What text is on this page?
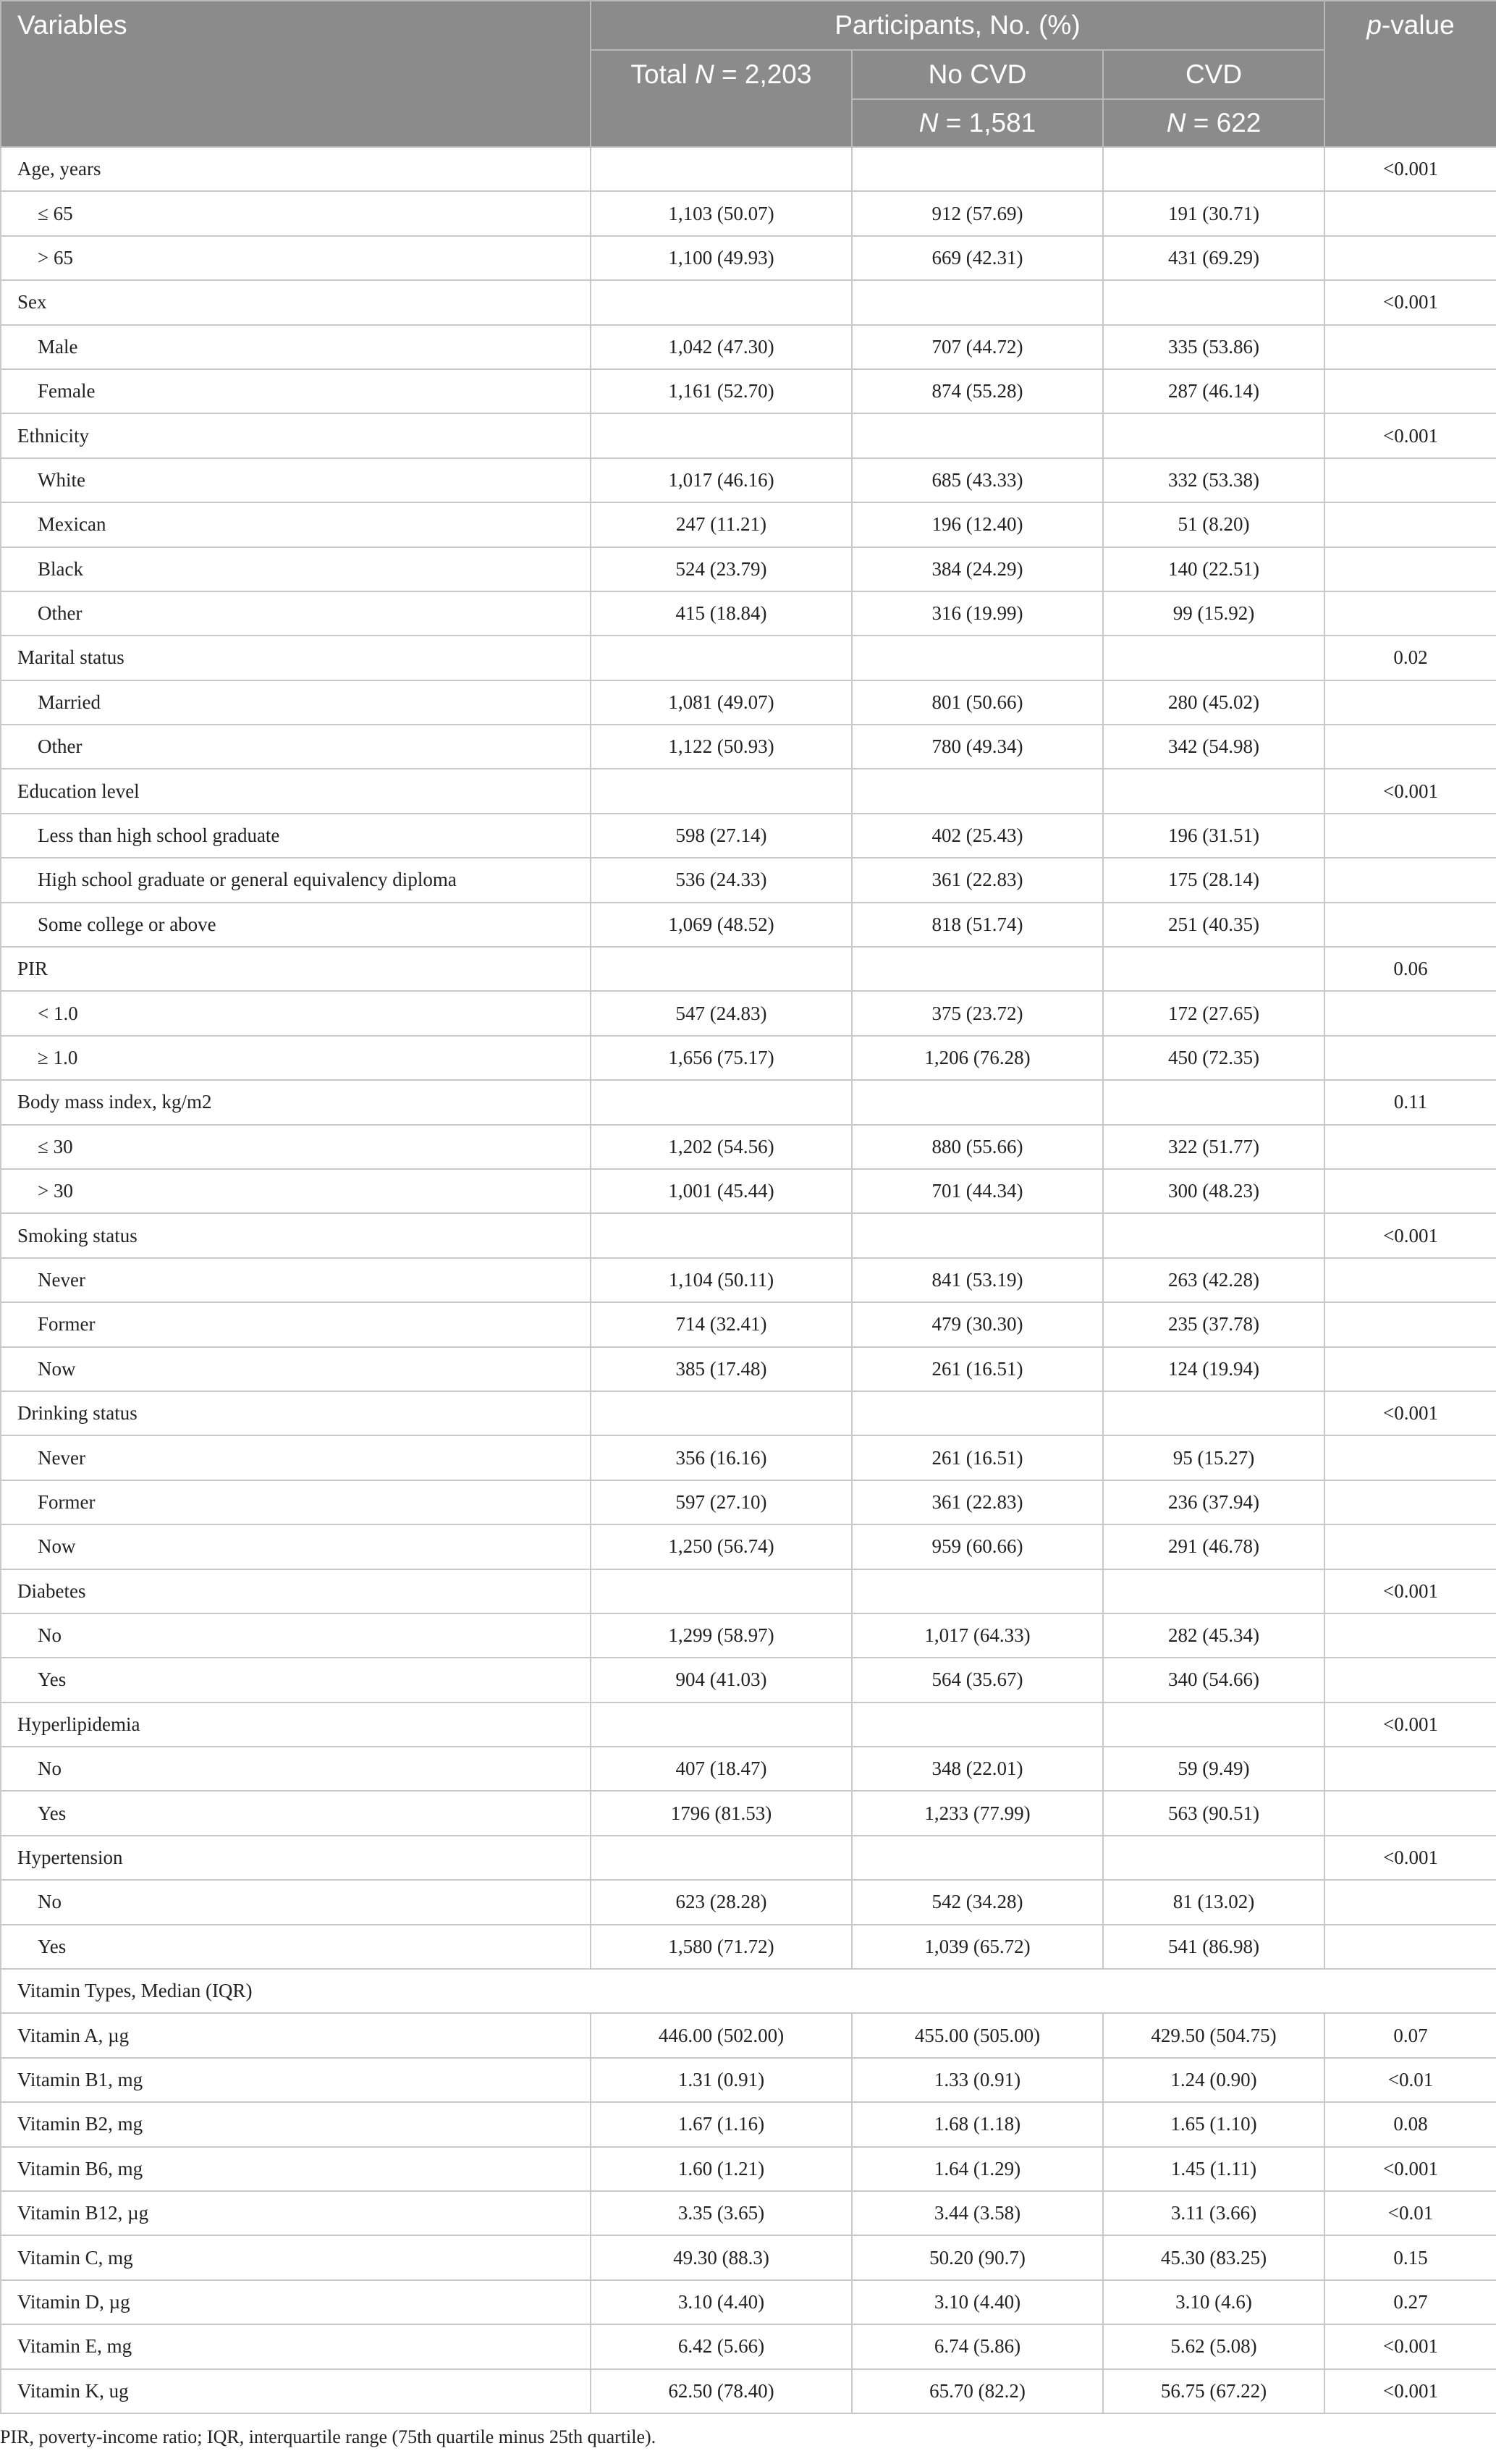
Variables	Participants, No. (%)			p-value
	Total N = 2,203	No CVD	CVD	
		N = 1,581	N = 622	
Age, years				<0.001
≤ 65	1,103 (50.07)	912 (57.69)	191 (30.71)	
> 65	1,100 (49.93)	669 (42.31)	431 (69.29)	
Sex				<0.001
Male	1,042 (47.30)	707 (44.72)	335 (53.86)	
Female	1,161 (52.70)	874 (55.28)	287 (46.14)	
Ethnicity				<0.001
White	1,017 (46.16)	685 (43.33)	332 (53.38)	
Mexican	247 (11.21)	196 (12.40)	51 (8.20)	
Black	524 (23.79)	384 (24.29)	140 (22.51)	
Other	415 (18.84)	316 (19.99)	99 (15.92)	
Marital status				0.02
Married	1,081 (49.07)	801 (50.66)	280 (45.02)	
Other	1,122 (50.93)	780 (49.34)	342 (54.98)	
Education level				<0.001
Less than high school graduate	598 (27.14)	402 (25.43)	196 (31.51)	
High school graduate or general equivalency diploma	536 (24.33)	361 (22.83)	175 (28.14)	
Some college or above	1,069 (48.52)	818 (51.74)	251 (40.35)	
PIR				0.06
< 1.0	547 (24.83)	375 (23.72)	172 (27.65)	
≥ 1.0	1,656 (75.17)	1,206 (76.28)	450 (72.35)	
Body mass index, kg/m2				0.11
≤ 30	1,202 (54.56)	880 (55.66)	322 (51.77)	
> 30	1,001 (45.44)	701 (44.34)	300 (48.23)	
Smoking status				<0.001
Never	1,104 (50.11)	841 (53.19)	263 (42.28)	
Former	714 (32.41)	479 (30.30)	235 (37.78)	
Now	385 (17.48)	261 (16.51)	124 (19.94)	
Drinking status				<0.001
Never	356 (16.16)	261 (16.51)	95 (15.27)	
Former	597 (27.10)	361 (22.83)	236 (37.94)	
Now	1,250 (56.74)	959 (60.66)	291 (46.78)	
Diabetes				<0.001
No	1,299 (58.97)	1,017 (64.33)	282 (45.34)	
Yes	904 (41.03)	564 (35.67)	340 (54.66)	
Hyperlipidemia				<0.001
No	407 (18.47)	348 (22.01)	59 (9.49)	
Yes	1796 (81.53)	1,233 (77.99)	563 (90.51)	
Hypertension				<0.001
No	623 (28.28)	542 (34.28)	81 (13.02)	
Yes	1,580 (71.72)	1,039 (65.72)	541 (86.98)	
Vitamin Types, Median (IQR)				
Vitamin A, µg	446.00 (502.00)	455.00 (505.00)	429.50 (504.75)	0.07
Vitamin B1, mg	1.31 (0.91)	1.33 (0.91)	1.24 (0.90)	<0.01
Vitamin B2, mg	1.67 (1.16)	1.68 (1.18)	1.65 (1.10)	0.08
Vitamin B6, mg	1.60 (1.21)	1.64 (1.29)	1.45 (1.11)	<0.001
Vitamin B12, µg	3.35 (3.65)	3.44 (3.58)	3.11 (3.66)	<0.01
Vitamin C, mg	49.30 (88.3)	50.20 (90.7)	45.30 (83.25)	0.15
Vitamin D, µg	3.10 (4.40)	3.10 (4.40)	3.10 (4.6)	0.27
Vitamin E, mg	6.42 (5.66)	6.74 (5.86)	5.62 (5.08)	<0.001
Vitamin K, ug	62.50 (78.40)	65.70 (82.2)	56.75 (67.22)	<0.001
PIR, poverty-income ratio; IQR, interquartile range (75th quartile minus 25th quartile).
